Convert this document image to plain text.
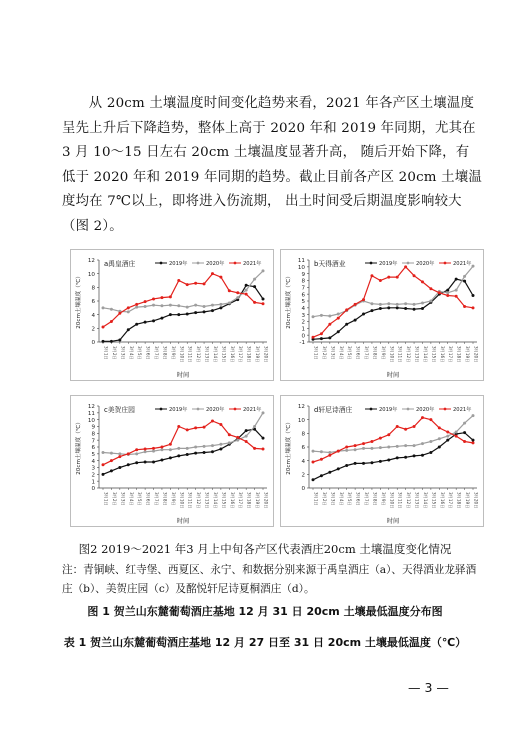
从 20cm 土壤温度时间变化趋势来看，2021 年各产区土壤温度呈先上升后下降趋势，整体上高于 2020 年和 2019 年同期，尤其在 3 月 10～15 日左右 20cm 土壤温度显著升高， 随后开始下降，有低于 2020 年和 2019 年同期的趋势。截止目前各产区 20cm 土壤温度均在 7℃以上，即将进入伤流期， 出土时间受后期温度影响较大（图 2）。

0
2
4
6
8
10
12
3月1日 3月2日 3月3日 3月4日 3月5日 3月6日 3月7日 3月8日 3月9日 3月10日 3月11日 3月12日 3月13日 3月14日 3月15日 3月16日 3月17日 3月18日 3月19日 3月20日
20cm土壤温度（℃）
时间
a禹皇酒庄	2019年	2020年	2021年
-1
0
1
2
3
4
5
6
7
8
9
10
11
3月1日 3月2日 3月3日 3月4日 3月5日 3月6日 3月7日 3月8日 3月9日 3月10日 3月11日 3月12日 3月13日 3月14日 3月15日 3月16日 3月17日 3月18日 3月19日 3月20日
20cm土壤温度（℃）
时间
b天得酒业	2019年	2020年	2021年
0
1
2
3
4
5
6
7
8
9
10
11
12
3月1日 3月2日 3月3日 3月4日 3月5日 3月6日 3月7日 3月8日 3月9日 3月10日 3月11日 3月12日 3月13日 3月14日 3月15日 3月16日 3月17日 3月18日 3月19日 3月20日
20cm土壤温度（℃）
时间
c美贺庄园	2019年	2020年	2021年
0
2
4
6
8
10
12
3月1日 3月2日 3月3日 3月4日 3月5日 3月6日 3月7日 3月8日 3月9日 3月10日 3月11日 3月12日 3月13日 3月14日 3月15日 3月16日 3月17日 3月18日 3月19日 3月20日
20cm土壤温度（℃）
时间
d轩尼诗酒庄	2019年	2020年	2021年
图2 2019～2021 年3 月上中旬各产区代表酒庄20cm 土壤温度变化情况
注：青铜峡、红寺堡、西夏区、永宁、和数据分别来源于禹皇酒庄（a）、天得酒业龙驿酒庄（b）、美贺庄园（c）及酩悦轩尼诗夏桐酒庄（d）。
图 1 贺兰山东麓葡萄酒庄基地 12 月 31 日 20cm 土壤最低温度分布图
表 1 贺兰山东麓葡萄酒庄基地 12 月 27 日至 31 日 20cm 土壤最低温度（℃）
— 3 —
